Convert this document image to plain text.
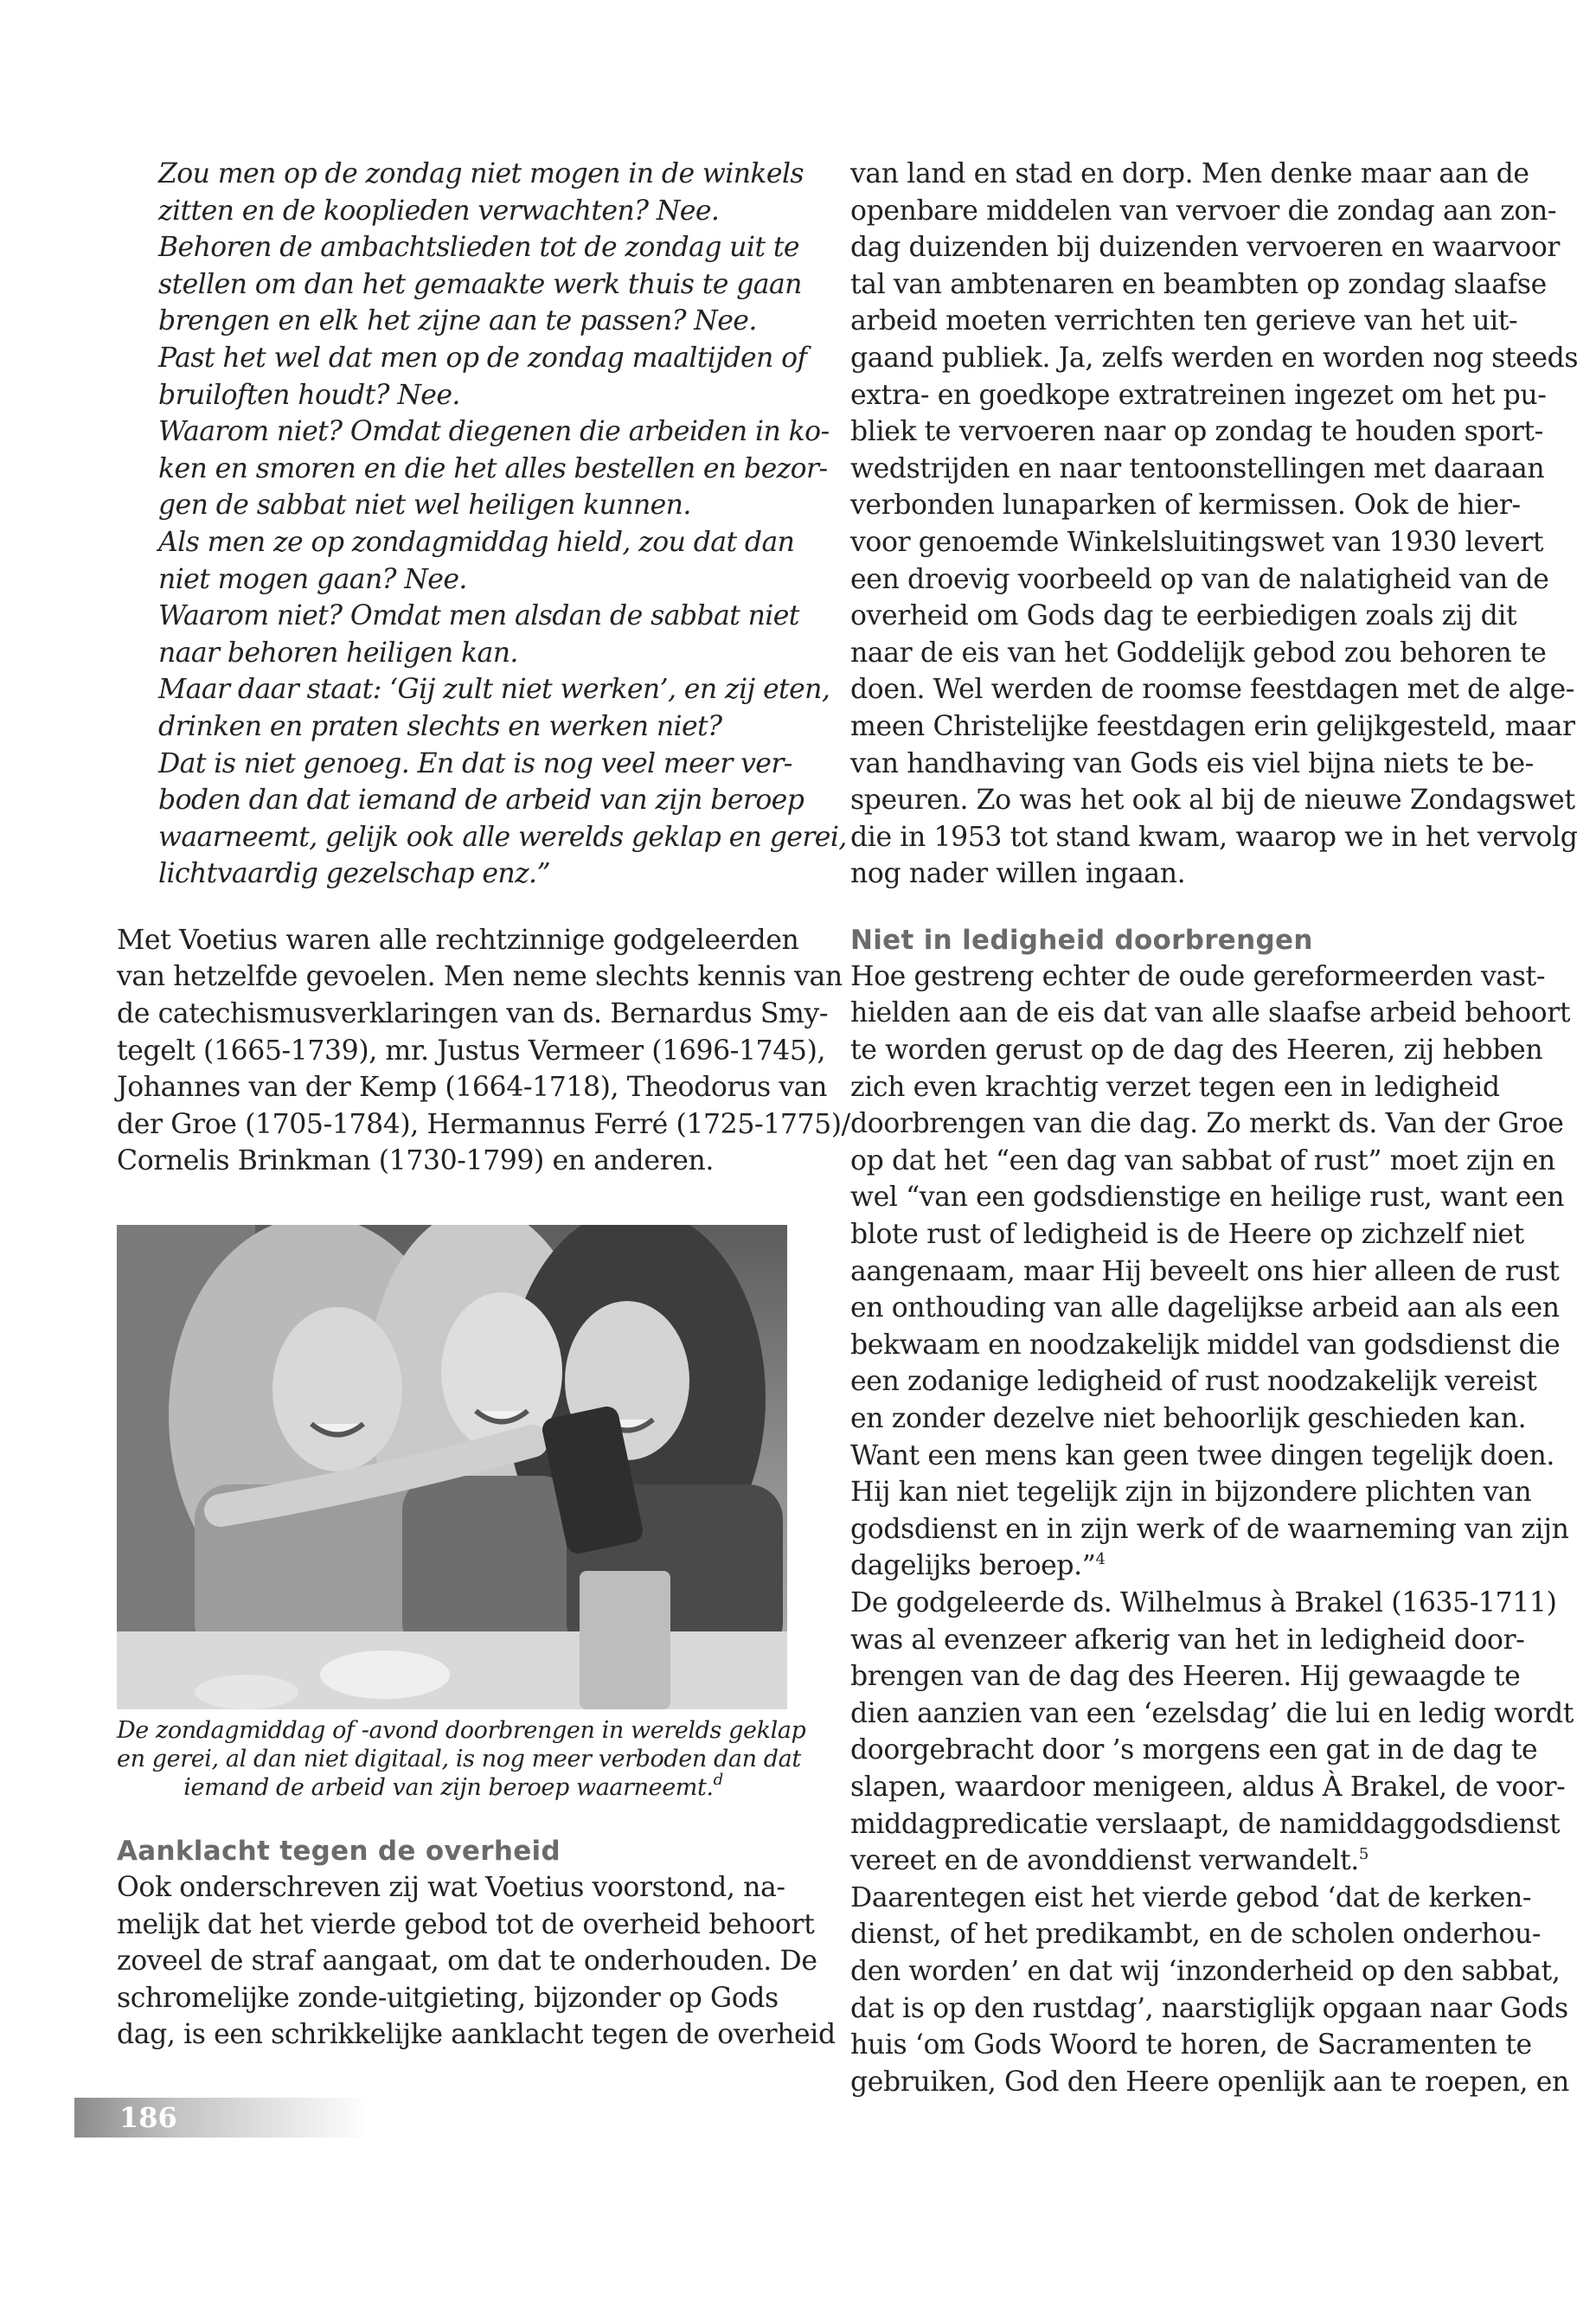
Zou men op de zondag niet mogen in de winkels
zitten en de kooplieden verwachten? Nee.
Behoren de ambachtslieden tot de zondag uit te
stellen om dan het gemaakte werk thuis te gaan
brengen en elk het zijne aan te passen? Nee.
Past het wel dat men op de zondag maaltijden of
bruiloften houdt? Nee.
Waarom niet? Omdat diegenen die arbeiden in ko-
ken en smoren en die het alles bestellen en bezor-
gen de sabbat niet wel heiligen kunnen.
Als men ze op zondagmiddag hield, zou dat dan
niet mogen gaan? Nee.
Waarom niet? Omdat men alsdan de sabbat niet
naar behoren heiligen kan.
Maar daar staat: ‘Gij zult niet werken’, en zij eten,
drinken en praten slechts en werken niet?
Dat is niet genoeg. En dat is nog veel meer ver-
boden dan dat iemand de arbeid van zijn beroep
waarneemt, gelijk ook alle werelds geklap en gerei,
lichtvaardig gezelschap enz.”
Met Voetius waren alle rechtzinnige godgeleerden
van hetzelfde gevoelen. Men neme slechts kennis van
de catechismusverklaringen van ds. Bernardus Smy-
tegelt (1665-1739), mr. Justus Vermeer (1696-1745),
Johannes van der Kemp (1664-1718), Theodorus van
der Groe (1705-1784), Hermannus Ferré (1725-1775)/
Cornelis Brinkman (1730-1799) en anderen.
De zondagmiddag of -avond doorbrengen in werelds geklap
en gerei, al dan niet digitaal, is nog meer verboden dan dat
iemand de arbeid van zijn beroep waarneemt.$^d$
Aanklacht tegen de overheid
Ook onderschreven zij wat Voetius voorstond, na-
melijk dat het vierde gebod tot de overheid behoort
zoveel de straf aangaat, om dat te onderhouden. De
schromelijke zonde-uitgieting, bijzonder op Gods
dag, is een schrikkelijke aanklacht tegen de overheid
van land en stad en dorp. Men denke maar aan de
openbare middelen van vervoer die zondag aan zon-
dag duizenden bij duizenden vervoeren en waarvoor
tal van ambtenaren en beambten op zondag slaafse
arbeid moeten verrichten ten gerieve van het uit-
gaand publiek. Ja, zelfs werden en worden nog steeds
extra- en goedkope extratreinen ingezet om het pu-
bliek te vervoeren naar op zondag te houden sport-
wedstrijden en naar tentoonstellingen met daaraan
verbonden lunaparken of kermissen. Ook de hier-
voor genoemde Winkelsluitingswet van 1930 levert
een droevig voorbeeld op van de nalatigheid van de
overheid om Gods dag te eerbiedigen zoals zij dit
naar de eis van het Goddelijk gebod zou behoren te
doen. Wel werden de roomse feestdagen met de alge-
meen Christelijke feestdagen erin gelijkgesteld, maar
van handhaving van Gods eis viel bijna niets te be-
speuren. Zo was het ook al bij de nieuwe Zondagswet
die in 1953 tot stand kwam, waarop we in het vervolg
nog nader willen ingaan.
Niet in ledigheid doorbrengen
Hoe gestreng echter de oude gereformeerden vast-
hielden aan de eis dat van alle slaafse arbeid behoort
te worden gerust op de dag des Heeren, zij hebben
zich even krachtig verzet tegen een in ledigheid
doorbrengen van die dag. Zo merkt ds. Van der Groe
op dat het “een dag van sabbat of rust” moet zijn en
wel “van een godsdienstige en heilige rust, want een
blote rust of ledigheid is de Heere op zichzelf niet
aangenaam, maar Hij beveelt ons hier alleen de rust
en onthouding van alle dagelijkse arbeid aan als een
bekwaam en noodzakelijk middel van godsdienst die
een zodanige ledigheid of rust noodzakelijk vereist
en zonder dezelve niet behoorlijk geschieden kan.
Want een mens kan geen twee dingen tegelijk doen.
Hij kan niet tegelijk zijn in bijzondere plichten van
godsdienst en in zijn werk of de waarneming van zijn
dagelijks beroep.”$^4$
De godgeleerde ds. Wilhelmus à Brakel (1635-1711)
was al evenzeer afkerig van het in ledigheid door-
brengen van de dag des Heeren. Hij gewaagde te
dien aanzien van een ‘ezelsdag’ die lui en ledig wordt
doorgebracht door ’s morgens een gat in de dag te
slapen, waardoor menigeen, aldus À Brakel, de voor-
middagpredicatie verslaapt, de namiddaggodsdienst
vereet en de avonddienst verwandelt.$^5$
Daarentegen eist het vierde gebod ‘dat de kerken-
dienst, of het predikambt, en de scholen onderhou-
den worden’ en dat wij ‘inzonderheid op den sabbat,
dat is op den rustdag’, naarstiglijk opgaan naar Gods
huis ‘om Gods Woord te horen, de Sacramenten te
gebruiken, God den Heere openlijk aan te roepen, en
186
